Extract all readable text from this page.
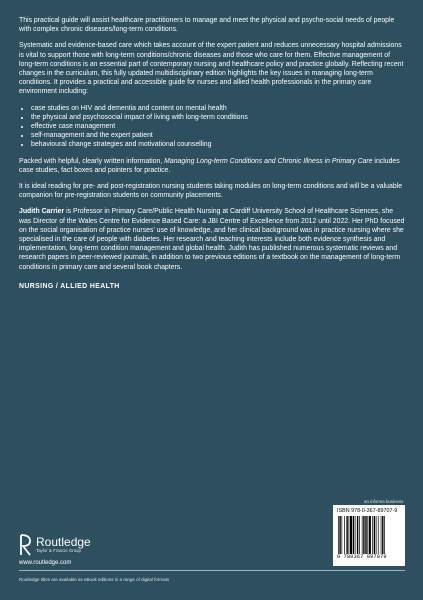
This practical guide will assist healthcare practitioners to manage and meet the physical and psycho-social needs of people with complex chronic diseases/long-term conditions.

Systematic and evidence-based care which takes account of the expert patient and reduces unnecessary hospital admissions is vital to support those with long-term conditions/chronic diseases and those who care for them. Effective management of long-term conditions is an essential part of contemporary nursing and healthcare policy and practice globally. Reflecting recent changes in the curriculum, this fully updated multidisciplinary edition highlights the key issues in managing long-term conditions. It provides a practical and accessible guide for nurses and allied health professionals in the primary care environment including:

• case studies on HIV and dementia and content on mental health
• the physical and psychosocial impact of living with long-term conditions
• effective case management
• self-management and the expert patient
• behavioural change strategies and motivational counselling

Packed with helpful, clearly written information, Managing Long-term Conditions and Chronic Illness in Primary Care includes case studies, fact boxes and pointers for practice.

It is ideal reading for pre- and post-registration nursing students taking modules on long-term conditions and will be a valuable companion for pre-registration students on community placements.

Judith Carrier is Professor in Primary Care/Public Health Nursing at Cardiff University School of Healthcare Sciences, she was Director of the Wales Centre for Evidence Based Care: a JBI Centre of Excellence from 2012 until 2022. Her PhD focused on the social organisation of practice nurses' use of knowledge, and her clinical background was in practice nursing where she specialised in the care of people with diabetes. Her research and teaching interests include both evidence synthesis and implementation, long-term condition management and global health. Judith has published numerous systematic reviews and research papers in peer-reviewed journals, in addition to two previous editions of a textbook on the management of long-term conditions in primary care and several book chapters.

NURSING / ALLIED HEALTH
an informa business
Routledge
Taylor & Francis Group
www.routledge.com
ISBN 978-0-367-89707-9
9 780367 897079
Routledge titles are available as eBook editions in a range of digital formats
